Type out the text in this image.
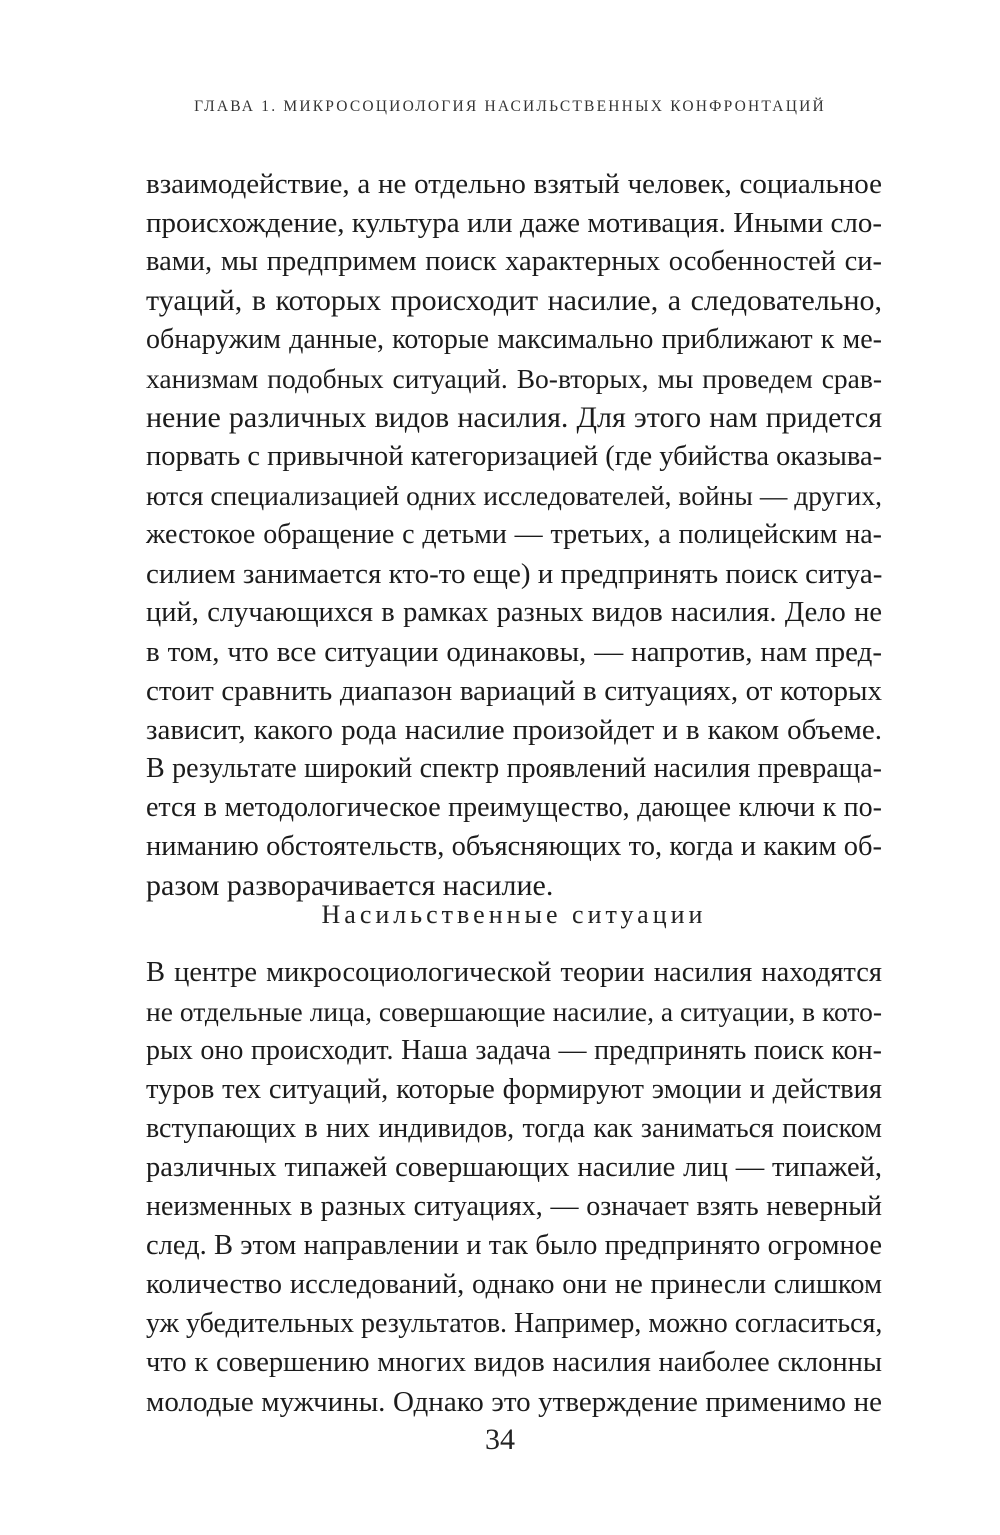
ГЛАВА 1. МИКРОСОЦИОЛОГИЯ НАСИЛЬСТВЕННЫХ КОНФРОНТАЦИЙ
взаимодействие, а не отдельно взятый человек, социальное
происхождение, культура или даже мотивация. Иными сло-
вами, мы предпримем поиск характерных особенностей си-
туаций, в которых происходит насилие, а следовательно,
обнаружим данные, которые максимально приближают к ме-
ханизмам подобных ситуаций. Во-вторых, мы проведем срав-
нение различных видов насилия. Для этого нам придется
порвать с привычной категоризацией (где убийства оказыва-
ются специализацией одних исследователей, войны — других,
жестокое обращение с детьми — третьих, а полицейским на-
силием занимается кто-то еще) и предпринять поиск ситуа-
ций, случающихся в рамках разных видов насилия. Дело не
в том, что все ситуации одинаковы, — напротив, нам пред-
стоит сравнить диапазон вариаций в ситуациях, от которых
зависит, какого рода насилие произойдет и в каком объеме.
В результате широкий спектр проявлений насилия превраща-
ется в методологическое преимущество, дающее ключи к по-
ниманию обстоятельств, объясняющих то, когда и каким об-
разом разворачивается насилие.
Насильственные ситуации
В центре микросоциологической теории насилия находятся
не отдельные лица, совершающие насилие, а ситуации, в кото-
рых оно происходит. Наша задача — предпринять поиск кон-
туров тех ситуаций, которые формируют эмоции и действия
вступающих в них индивидов, тогда как заниматься поиском
различных типажей совершающих насилие лиц — типажей,
неизменных в разных ситуациях, — означает взять неверный
след. В этом направлении и так было предпринято огромное
количество исследований, однако они не принесли слишком
уж убедительных результатов. Например, можно согласиться,
что к совершению многих видов насилия наиболее склонны
молодые мужчины. Однако это утверждение применимо не
34
